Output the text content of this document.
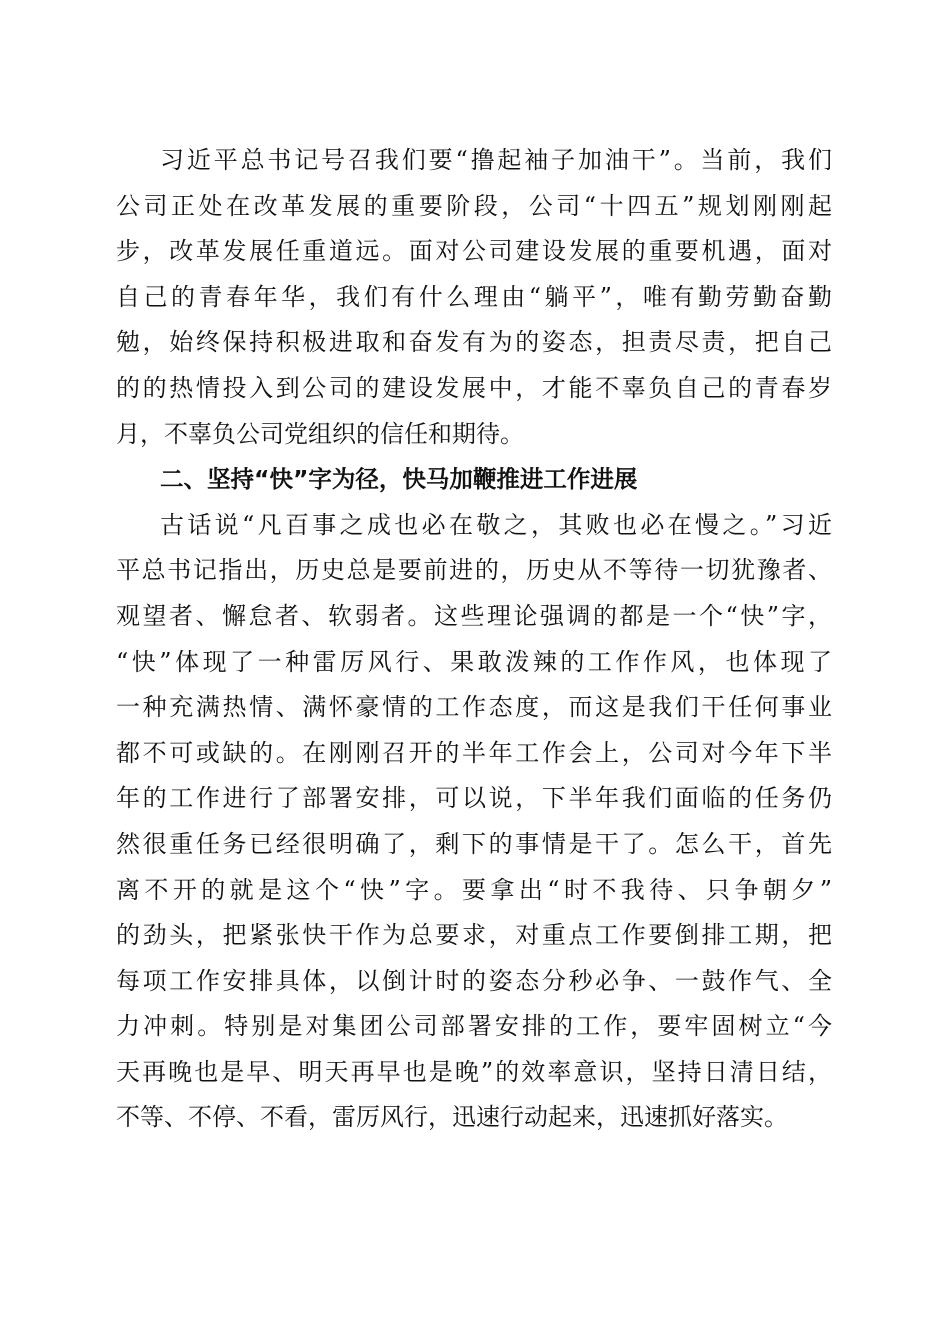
习近平总书记号召我们要“撸起袖子加油干”。当前，我们
公司正处在改革发展的重要阶段，公司“十四五”规划刚刚起
步，改革发展任重道远。面对公司建设发展的重要机遇，面对
自己的青春年华，我们有什么理由“躺平”，唯有勤劳勤奋勤
勉，始终保持积极进取和奋发有为的姿态，担责尽责，把自己
的的热情投入到公司的建设发展中，才能不辜负自己的青春岁
月，不辜负公司党组织的信任和期待。
二、坚持“快”字为径，快马加鞭推进工作进展
古话说“凡百事之成也必在敬之，其败也必在慢之。”习近
平总书记指出，历史总是要前进的，历史从不等待一切犹豫者、
观望者、懈怠者、软弱者。这些理论强调的都是一个“快”字，
“快”体现了一种雷厉风行、果敢泼辣的工作作风，也体现了
一种充满热情、满怀豪情的工作态度，而这是我们干任何事业
都不可或缺的。在刚刚召开的半年工作会上，公司对今年下半
年的工作进行了部署安排，可以说，下半年我们面临的任务仍
然很重任务已经很明确了，剩下的事情是干了。怎么干，首先
离不开的就是这个“快”字。要拿出“时不我待、只争朝夕”
的劲头，把紧张快干作为总要求，对重点工作要倒排工期，把
每项工作安排具体，以倒计时的姿态分秒必争、一鼓作气、全
力冲刺。特别是对集团公司部署安排的工作，要牢固树立“今
天再晚也是早、明天再早也是晚”的效率意识，坚持日清日结，
不等、不停、不看，雷厉风行，迅速行动起来，迅速抓好落实。
